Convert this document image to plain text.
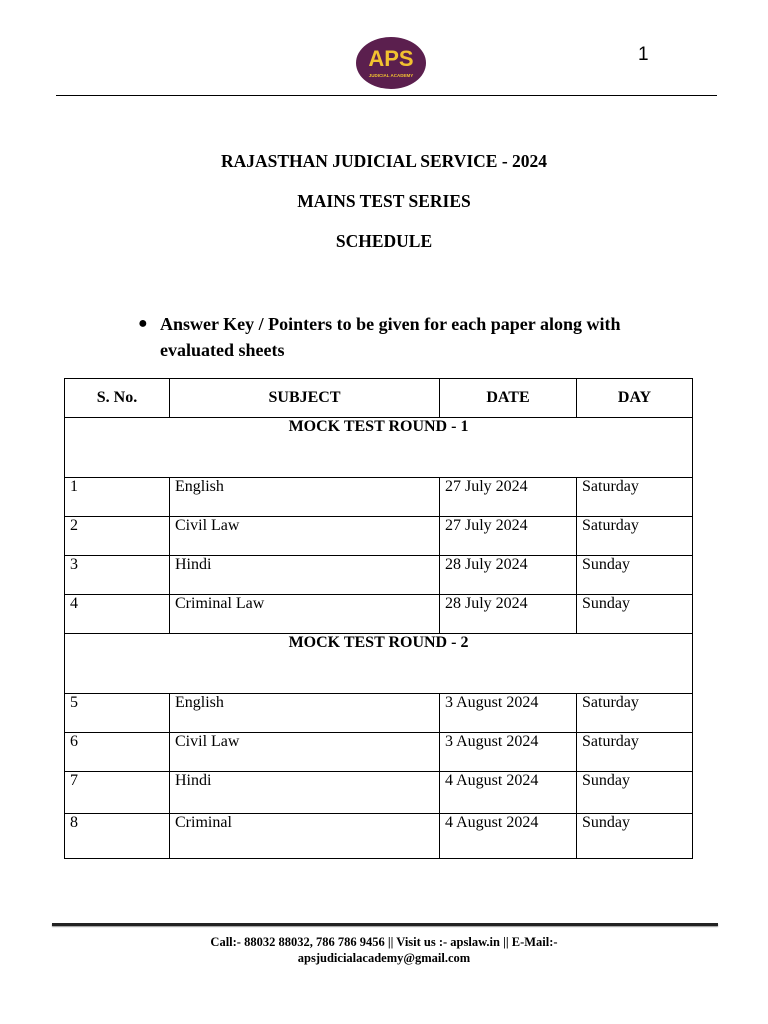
APS
JUDICIAL ACADEMY
1
RAJASTHAN JUDICIAL SERVICE - 2024
MAINS TEST SERIES
SCHEDULE
● Answer Key / Pointers to be given for each paper along with evaluated sheets
S. No.	SUBJECT	DATE	DAY
MOCK TEST ROUND - 1			
1	English	27 July 2024	Saturday
2	Civil Law	27 July 2024	Saturday
3	Hindi	28 July 2024	Sunday
4	Criminal Law	28 July 2024	Sunday
MOCK TEST ROUND - 2			
5	English	3 August 2024	Saturday
6	Civil Law	3 August 2024	Saturday
7	Hindi	4 August 2024	Sunday
8	Criminal	4 August 2024	Sunday
Call:- 88032 88032, 786 786 9456 || Visit us :- apslaw.in || E-Mail:-
apsjudicialacademy@gmail.com
